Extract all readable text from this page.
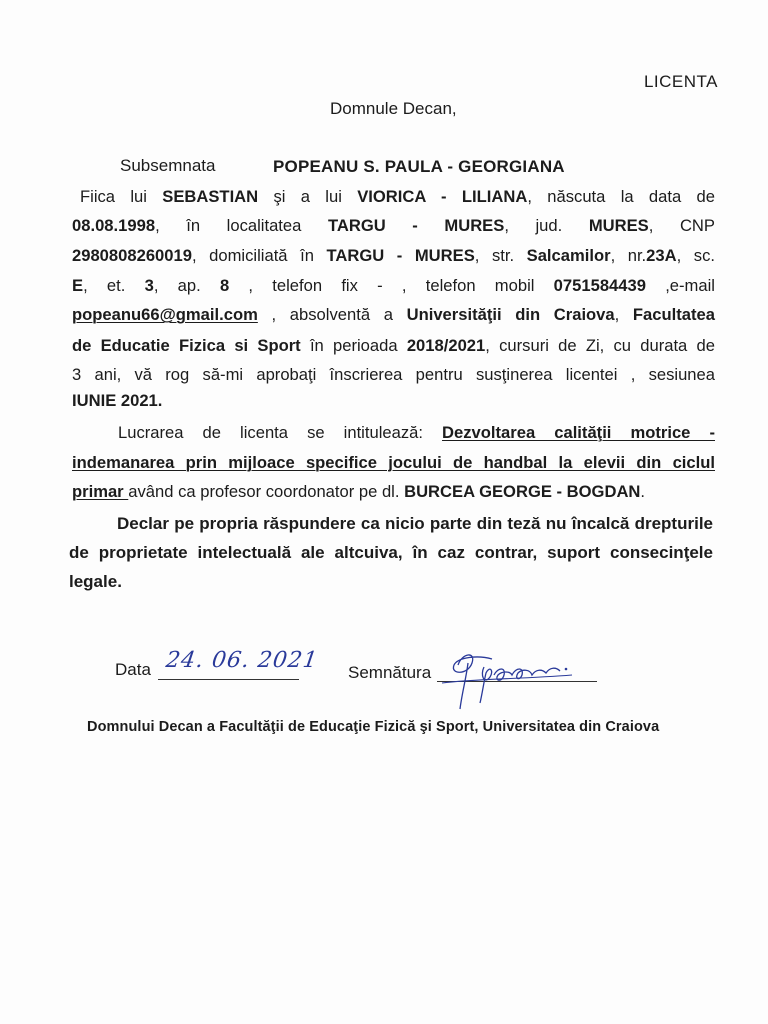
LICENTA
Domnule Decan,
Subsemnata	POPEANU S. PAULA - GEORGIANA
Fiica lui SEBASTIAN şi a lui VIORICA - LILIANA, născuta la data de
08.08.1998, în localitatea TARGU - MURES, jud. MURES, CNP
2980808260019, domiciliată în TARGU - MURES, str. Salcamilor, nr.23A, sc.
E, et. 3, ap. 8 , telefon fix - , telefon mobil 0751584439 ,e-mail
popeanu66@gmail.com , absolventă a Universităţii din Craiova, Facultatea
de Educatie Fizica si Sport în perioada 2018/2021, cursuri de Zi, cu durata de
3 ani, vă rog să-mi aprobaţi înscrierea pentru susţinerea licentei , sesiunea
IUNIE 2021.
Lucrarea de licenta se intitulează: Dezvoltarea calităţii motrice -
indemanarea prin mijloace specifice jocului de handbal la elevii din ciclul
primar având ca profesor coordonator pe dl. BURCEA GEORGE - BOGDAN.
Declar pe propria răspundere ca nicio parte din teză nu încalcă drepturile de proprietate intelectuală ale altcuiva, în caz contrar, suport consecinţele legale.
Data 24. 06. 2021 Semnătura
Domnului Decan a Facultăţii de Educaţie Fizică şi Sport, Universitatea din Craiova
